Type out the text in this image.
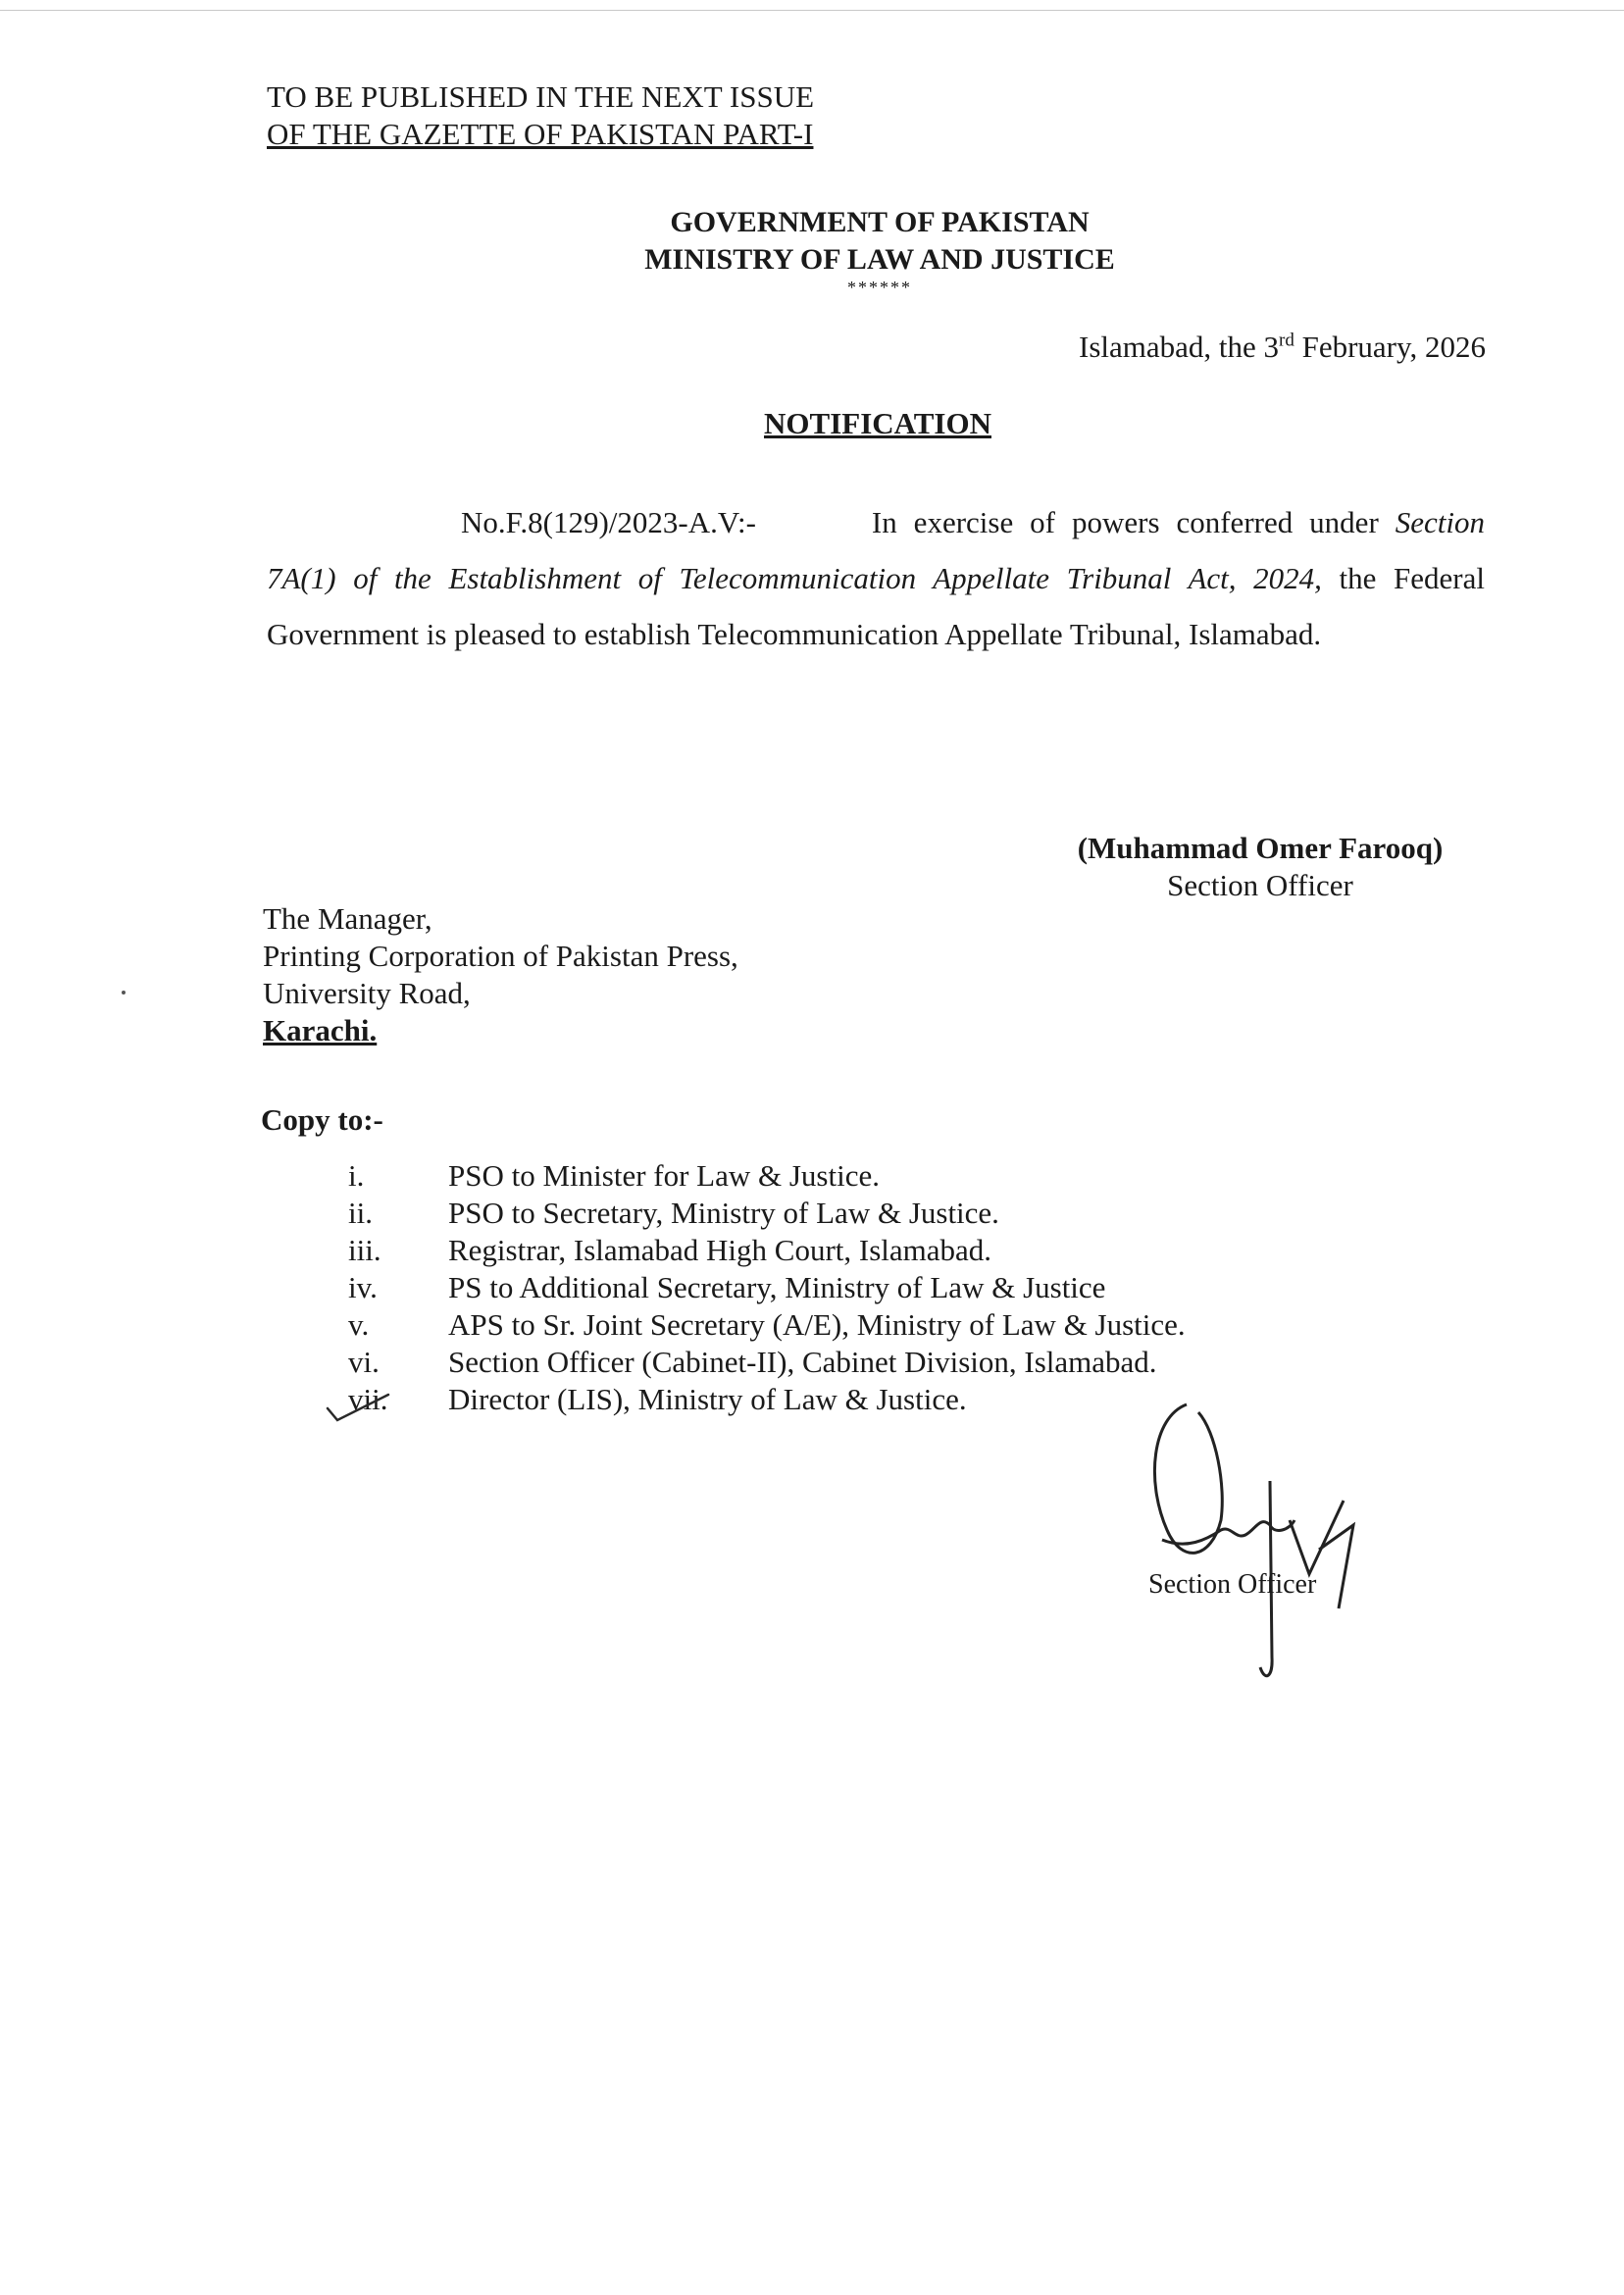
TO BE PUBLISHED IN THE NEXT ISSUE
OF THE GAZETTE OF PAKISTAN PART-I
GOVERNMENT OF PAKISTAN
MINISTRY OF LAW AND JUSTICE
******
Islamabad, the 3rd February, 2026
NOTIFICATION
No.F.8(129)/2023-A.V:-	In exercise of powers conferred under Section 7A(1) of the Establishment of Telecommunication Appellate Tribunal Act, 2024, the Federal Government is pleased to establish Telecommunication Appellate Tribunal, Islamabad.
(Muhammad Omer Farooq)
Section Officer
The Manager,
Printing Corporation of Pakistan Press,
University Road,
Karachi.
Copy to:-
i.	PSO to Minister for Law & Justice.
ii. PSO to Secretary, Ministry of Law & Justice.
iii. Registrar, Islamabad High Court, Islamabad.
iv. PS to Additional Secretary, Ministry of Law & Justice
v.	APS to Sr. Joint Secretary (A/E), Ministry of Law & Justice.
vi. Section Officer (Cabinet-II), Cabinet Division, Islamabad.
vii. Director (LIS), Ministry of Law & Justice.
Section Officer
